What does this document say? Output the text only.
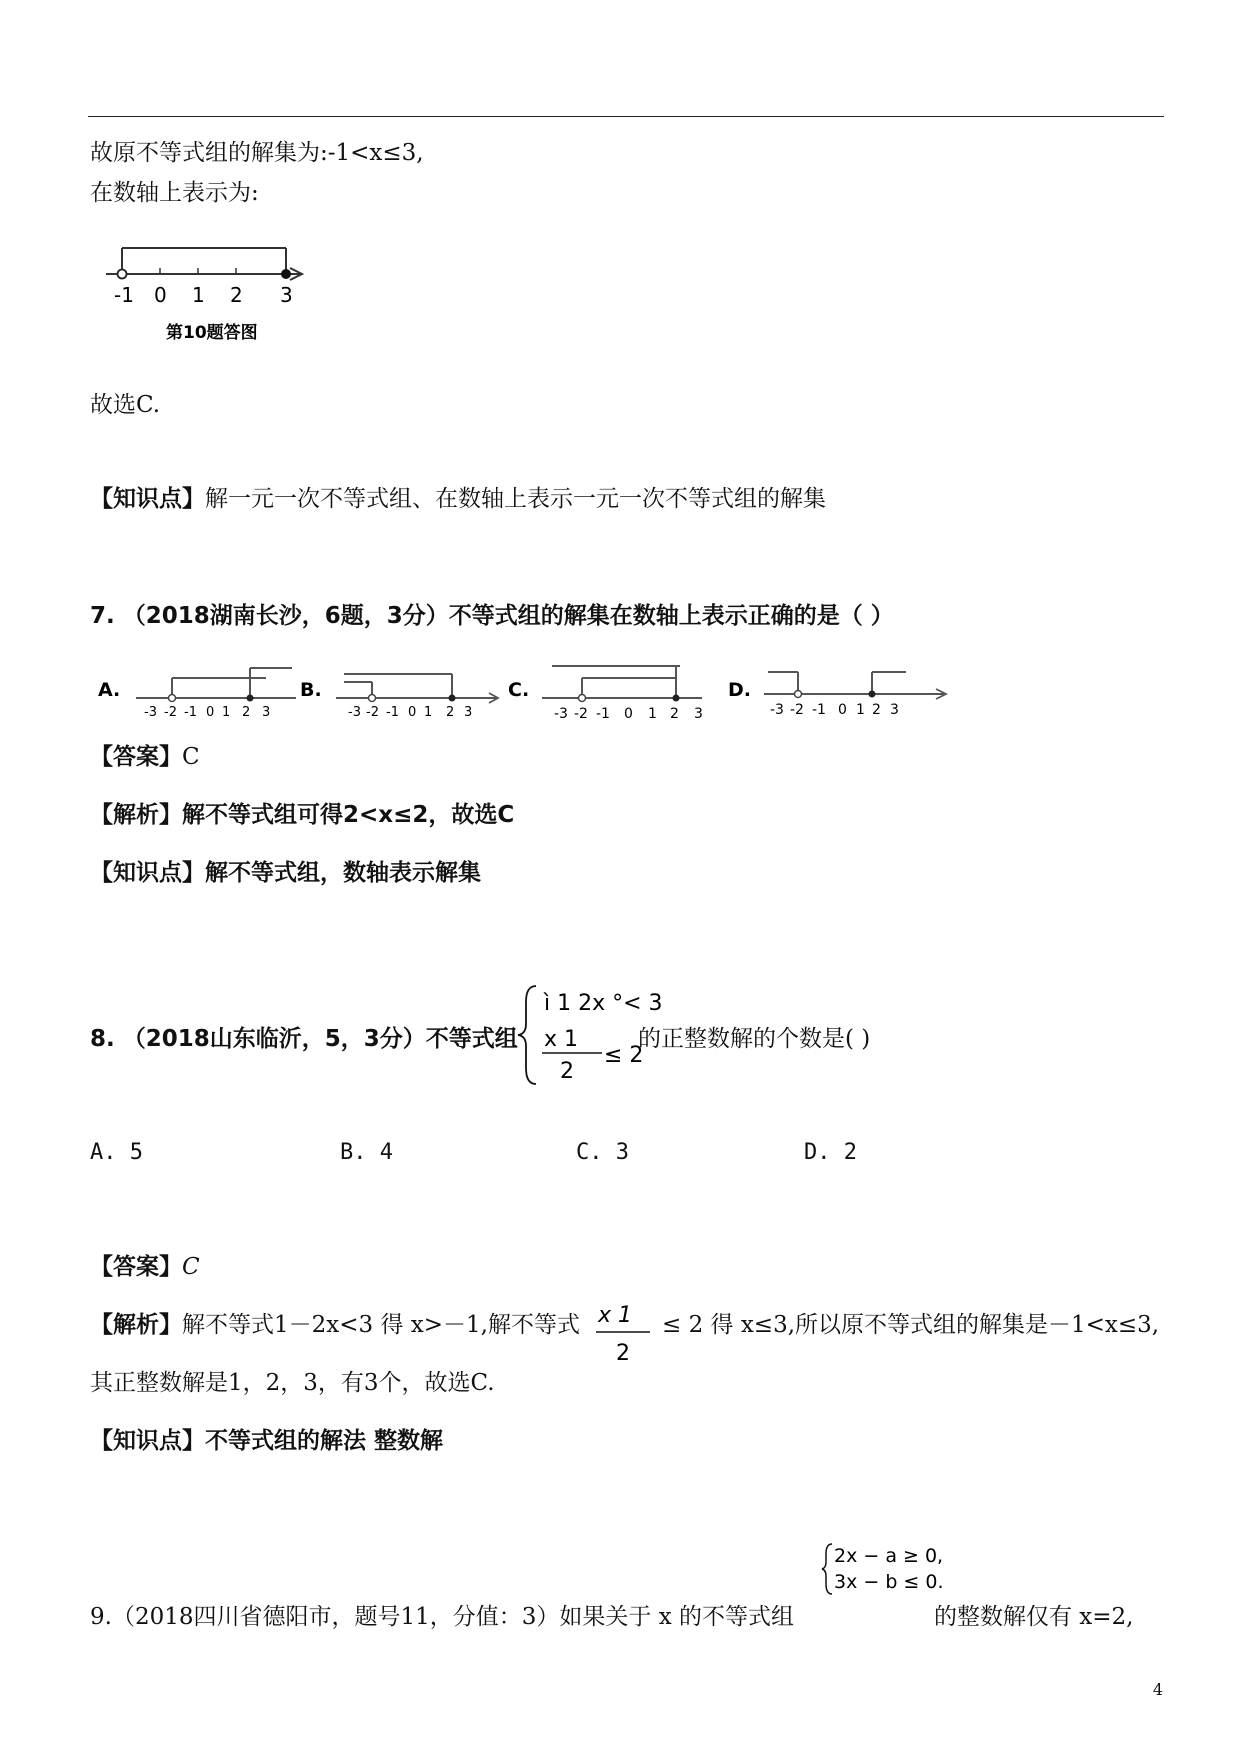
故原不等式组的解集为:-1<x≤3,
在数轴上表示为:
-1 0 1 2 3
第10题答图
故选C.
【知识点】解一元一次不等式组、在数轴上表示一元一次不等式组的解集
7. （2018湖南长沙，6题，3分）不等式组的解集在数轴上表示正确的是（ ）
A.
-3 -2 -1 0 1 2 3
B.
-3 -2 -1 0 1 2 3
C.
-3 -2 -1 0 1 2 3
D.
-3 -2 -1 0 1 2 3
【答案】C
【解析】解不等式组可得2<x≤2，故选C
【知识点】解不等式组，数轴表示解集
8. （2018山东临沂，5，3分）不等式组
ì 1 2x °< 3
x 1
2
≤ 2
的正整数解的个数是( )
A. 5	B. 4	C. 3	D. 2
【答案】C
【解析】解不等式1－2x<3 得 x>－1,解不等式 x 1
2
≤ 2 得 x≤3,所以原不等式组的解集是－1<x≤3,
其正整数解是1，2，3，有3个，故选C.
【知识点】不等式组的解法 整数解
9.（2018四川省德阳市，题号11，分值：3）如果关于 x 的不等式组
2x − a ≥ 0,
3x − b ≤ 0.
的整数解仅有 x=2,
4
